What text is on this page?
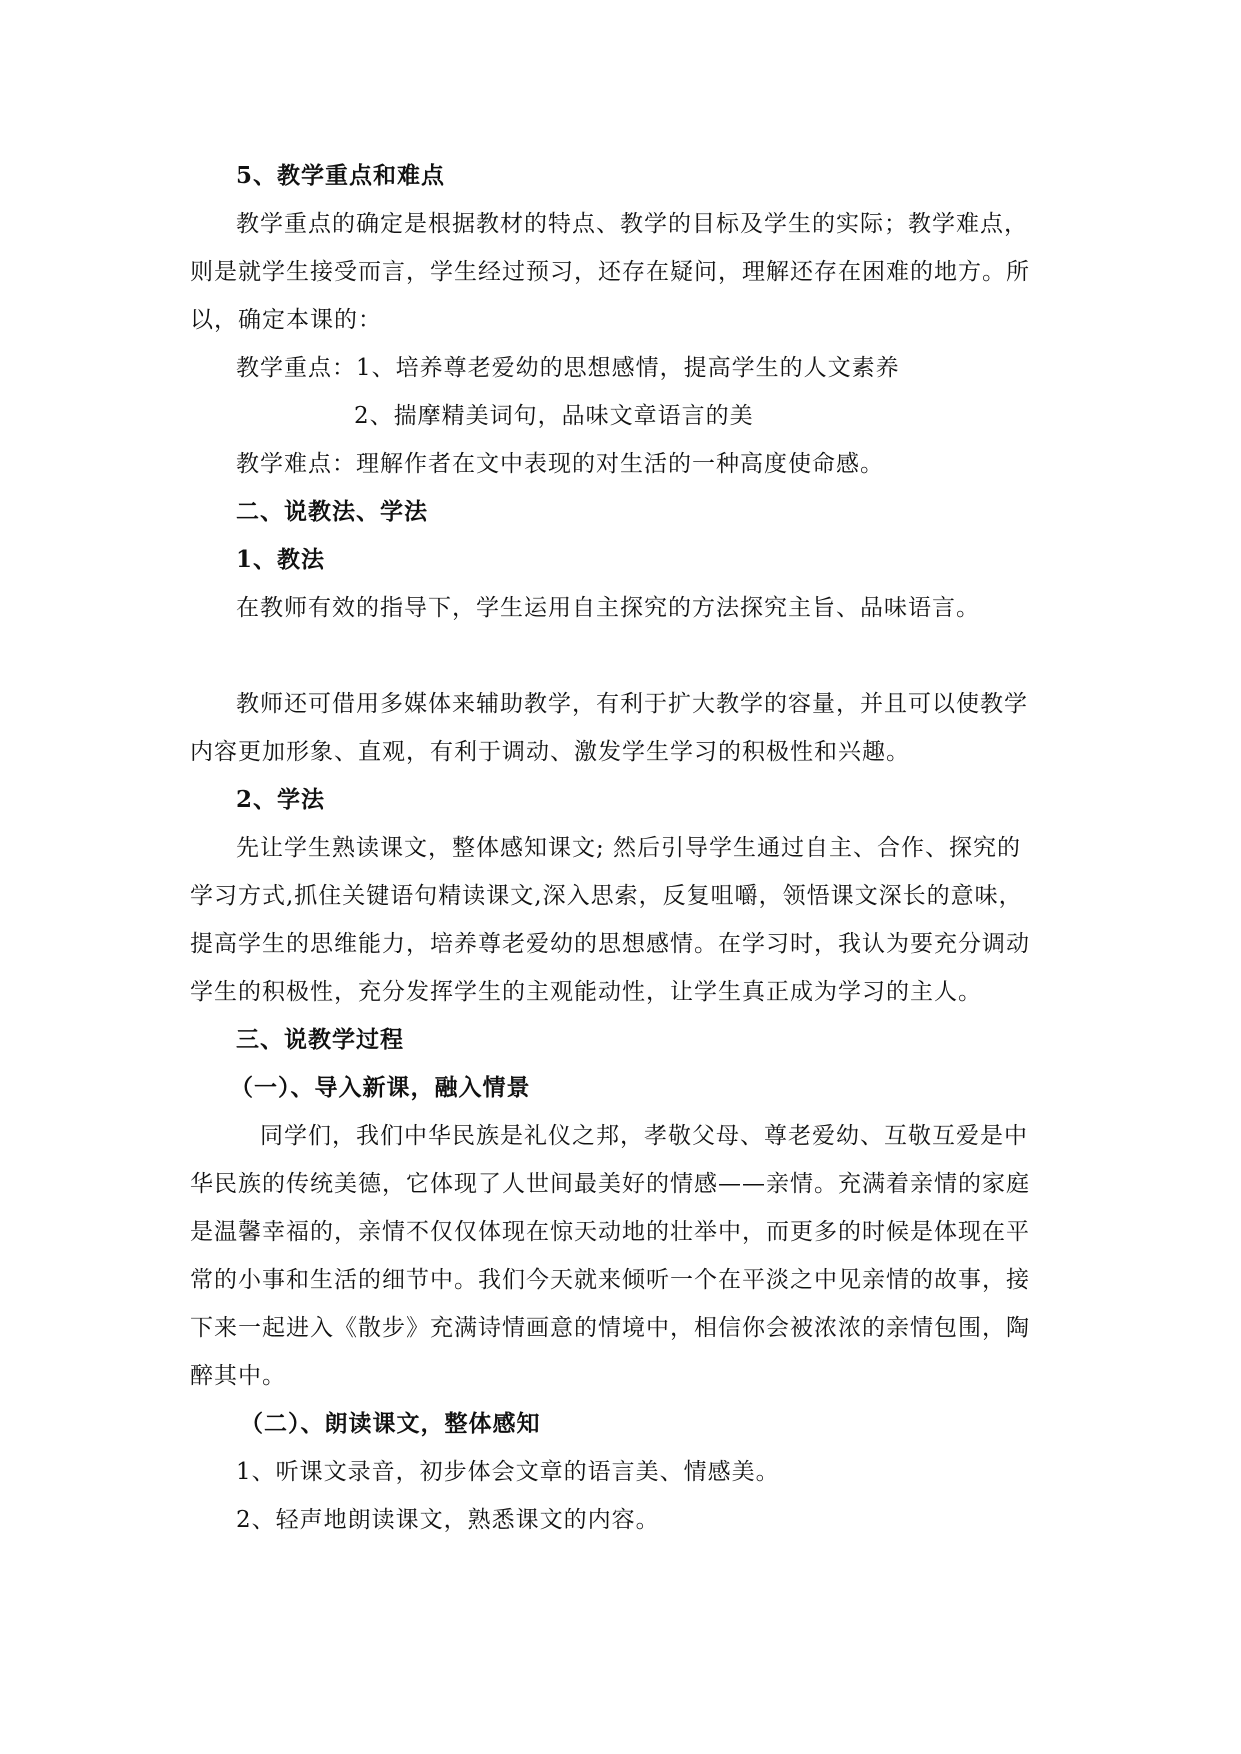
5、教学重点和难点
教学重点的确定是根据教材的特点、教学的目标及学生的实际；教学难点，
则是就学生接受而言，学生经过预习，还存在疑问，理解还存在困难的地方。所
以，确定本课的：
教学重点：1、培养尊老爱幼的思想感情，提高学生的人文素养
2、揣摩精美词句，品味文章语言的美
教学难点：理解作者在文中表现的对生活的一种高度使命感。
二、说教法、学法
1、教法
在教师有效的指导下，学生运用自主探究的方法探究主旨、品味语言。
教师还可借用多媒体来辅助教学，有利于扩大教学的容量，并且可以使教学
内容更加形象、直观，有利于调动、激发学生学习的积极性和兴趣。
2、学法
先让学生熟读课文，整体感知课文; 然后引导学生通过自主、合作、探究的
学习方式,抓住关键语句精读课文,深入思索，反复咀嚼，领悟课文深长的意味，
提高学生的思维能力，培养尊老爱幼的思想感情。在学习时，我认为要充分调动
学生的积极性，充分发挥学生的主观能动性，让学生真正成为学习的主人。
三、说教学过程
（一）、导入新课，融入情景
同学们，我们中华民族是礼仪之邦，孝敬父母、尊老爱幼、互敬互爱是中
华民族的传统美德，它体现了人世间最美好的情感——亲情。充满着亲情的家庭
是温馨幸福的，亲情不仅仅体现在惊天动地的壮举中，而更多的时候是体现在平
常的小事和生活的细节中。我们今天就来倾听一个在平淡之中见亲情的故事，接
下来一起进入《散步》充满诗情画意的情境中，相信你会被浓浓的亲情包围，陶
醉其中。
（二）、朗读课文，整体感知
1、听课文录音，初步体会文章的语言美、情感美。
2、轻声地朗读课文，熟悉课文的内容。
